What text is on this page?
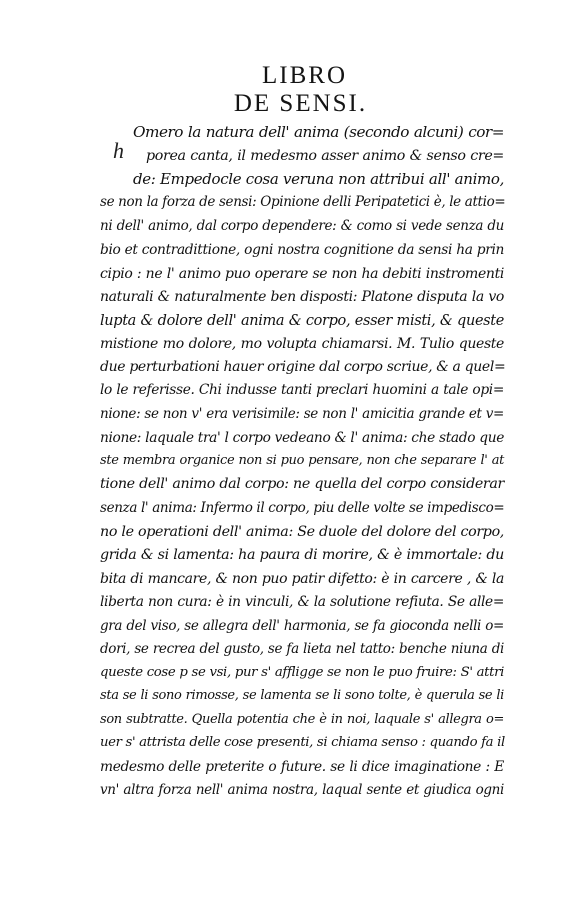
LIBRO
DE SENSI.
h
Omero la natura dell' anima (secondo alcuni) cor=
porea canta, il medesmo asser animo & senso cre=
de: Empedocle cosa veruna non attribui all' animo,
se non la forza de sensi: Opinione delli Peripatetici è, le attio=
ni dell' animo, dal corpo dependere: & como si vede senza du
bio et contradittione, ogni nostra cognitione da sensi ha prin
cipio : ne l' animo puo operare se non ha debiti instromenti
naturali & naturalmente ben disposti: Platone disputa la vo
lupta & dolore dell' anima & corpo, esser misti, & queste
mistione mo dolore, mo volupta chiamarsi. M. Tulio queste
due perturbationi hauer origine dal corpo scriue, & a quel=
lo le referisse. Chi indusse tanti preclari huomini a tale opi=
nione: se non v' era verisimile: se non l' amicitia grande et v=
nione: laquale tra' l corpo vedeano & l' anima: che stado que
ste membra organice non si puo pensare, non che separare l' at
tione dell' animo dal corpo: ne quella del corpo considerar
senza l' anima: Infermo il corpo, piu delle volte se impedisco=
no le operationi dell' anima: Se duole del dolore del corpo,
grida & si lamenta: ha paura di morire, & è immortale: du
bita di mancare, & non puo patir difetto: è in carcere , & la
liberta non cura: è in vinculi, & la solutione refiuta. Se alle=
gra del viso, se allegra dell' harmonia, se fa gioconda nelli o=
dori, se recrea del gusto, se fa lieta nel tatto: benche niuna di
queste cose p se vsi, pur s' affligge se non le puo fruire: S' attri
sta se li sono rimosse, se lamenta se li sono tolte, è querula se li
son subtratte. Quella potentia che è in noi, laquale s' allegra o=
uer s' attrista delle cose presenti, si chiama senso : quando fa il
medesmo delle preterite o future. se li dice imaginatione : E
vn' altra forza nell' anima nostra, laqual sente et giudica ogni
